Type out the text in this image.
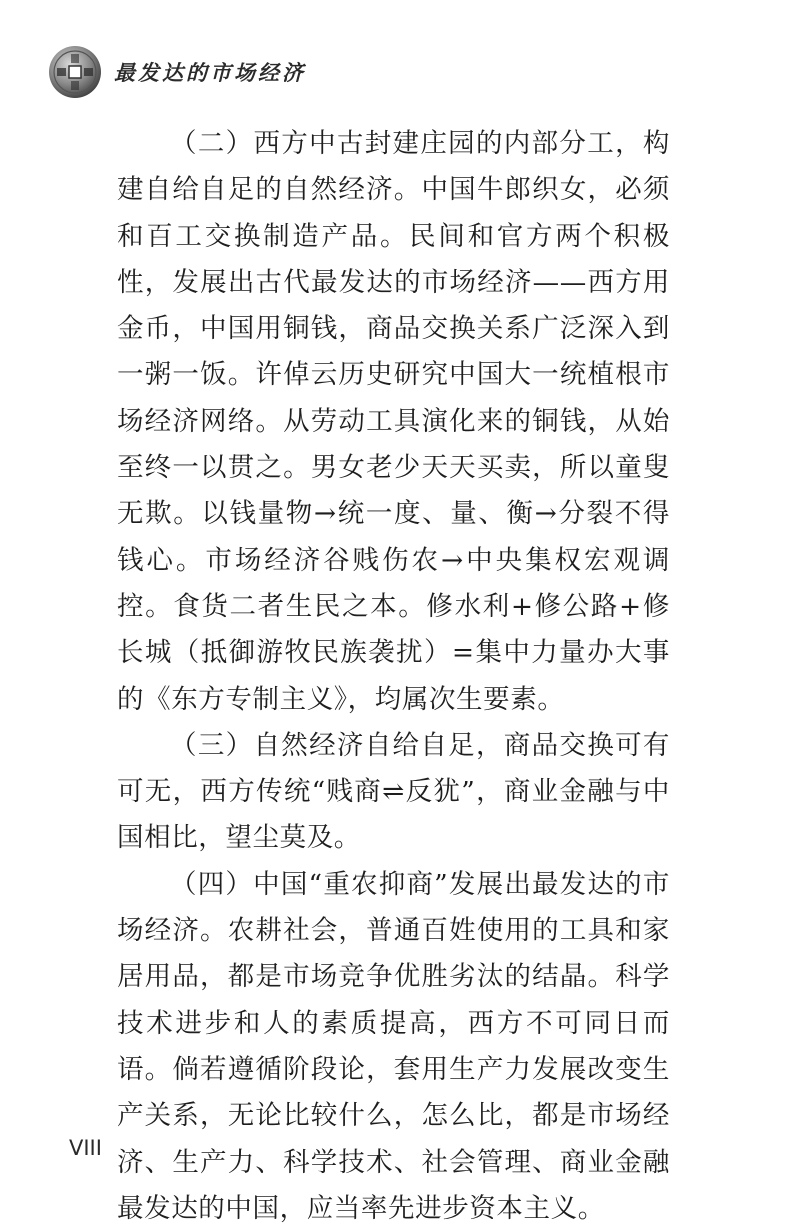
最发达的市场经济

（二）西方中古封建庄园的内部分工，构建自给自足的自然经济。中国牛郎织女，必须和百工交换制造产品。民间和官方两个积极性，发展出古代最发达的市场经济——西方用金币，中国用铜钱，商品交换关系广泛深入到一粥一饭。许倬云历史研究中国大一统植根市场经济网络。从劳动工具演化来的铜钱，从始至终一以贯之。男女老少天天买卖，所以童叟无欺。以钱量物→统一度、量、衡→分裂不得钱心。市场经济谷贱伤农→中央集权宏观调控。食货二者生民之本。修水利+修公路+修长城（抵御游牧民族袭扰）=集中力量办大事的《东方专制主义》，均属次生要素。

（三）自然经济自给自足，商品交换可有可无，西方传统“贱商⇌反犹”，商业金融与中国相比，望尘莫及。

（四）中国“重农抑商”发展出最发达的市场经济。农耕社会，普通百姓使用的工具和家居用品，都是市场竞争优胜劣汰的结晶。科学技术进步和人的素质提高，西方不可同日而语。倘若遵循阶段论，套用生产力发展改变生产关系，无论比较什么，怎么比，都是市场经济、生产力、科学技术、社会管理、商业金融最发达的中国，应当率先进步资本主义。

VIII
